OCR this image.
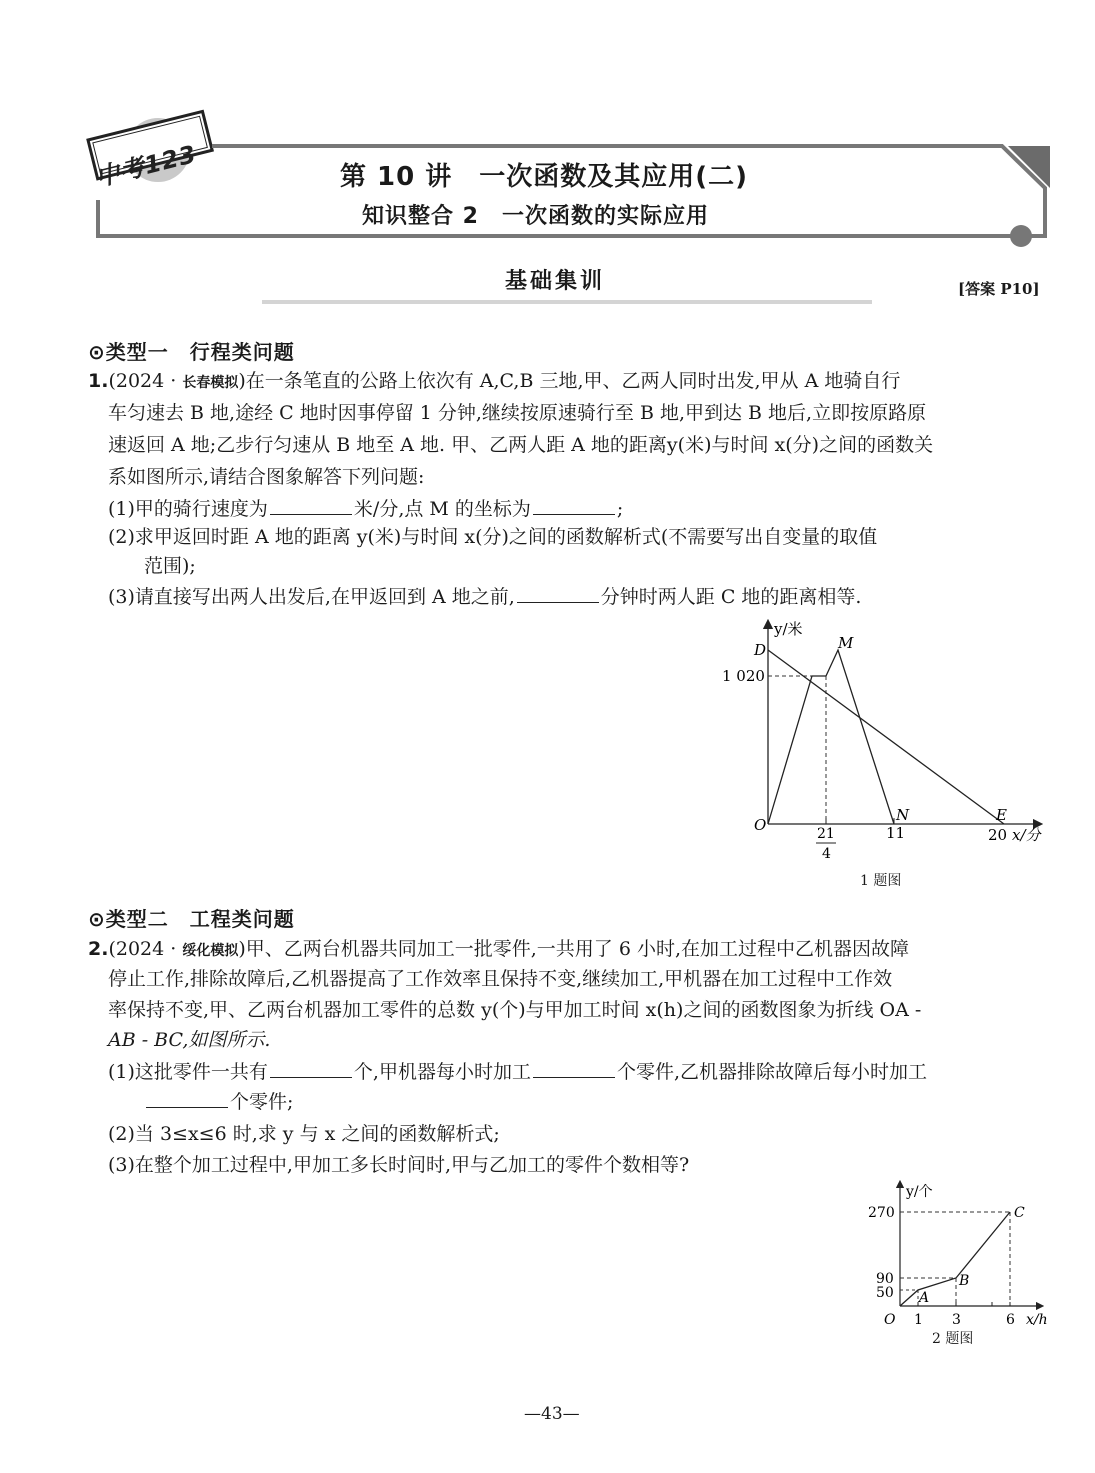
中考123	第 10 讲　一次函数及其应用(二)
知识整合 2　一次函数的实际应用
基础集训	[答案 P10]
⊙类型一　行程类问题
1.(2024 · 长春模拟)在一条笔直的公路上依次有 A,C,B 三地,甲、乙两人同时出发,甲从 A 地骑自行
车匀速去 B 地,途经 C 地时因事停留 1 分钟,继续按原速骑行至 B 地,甲到达 B 地后,立即按原路原
速返回 A 地;乙步行匀速从 B 地至 A 地. 甲、乙两人距 A 地的距离y(米)与时间 x(分)之间的函数关
系如图所示,请结合图象解答下列问题:
(1)甲的骑行速度为	米/分,点 M 的坐标为	;
(2)求甲返回时距 A 地的距离 y(米)与时间 x(分)之间的函数解析式(不需要写出自变量的取值
范围);
(3)请直接写出两人出发后,在甲返回到 A 地之前,	分钟时两人距 C 地的距离相等.
y/米
x/分
O
1 020
21
4
11	20
D	M
N	E
1 题图
⊙类型二　工程类问题
2.(2024 · 绥化模拟)甲、乙两台机器共同加工一批零件,一共用了 6 小时,在加工过程中乙机器因故障
停止工作,排除故障后,乙机器提高了工作效率且保持不变,继续加工,甲机器在加工过程中工作效
率保持不变,甲、乙两台机器加工零件的总数 y(个)与甲加工时间 x(h)之间的函数图象为折线 OA -
AB - BC,如图所示.
(1)这批零件一共有	个,甲机器每小时加工	个零件,乙机器排除故障后每小时加工
个零件;
(2)当 3≤x≤6 时,求 y 与 x 之间的函数解析式;
(3)在整个加工过程中,甲加工多长时间时,甲与乙加工的零件个数相等?
y/个
x/h
O
270
90
50
1 3	6
A
B
C
2 题图
—43—
